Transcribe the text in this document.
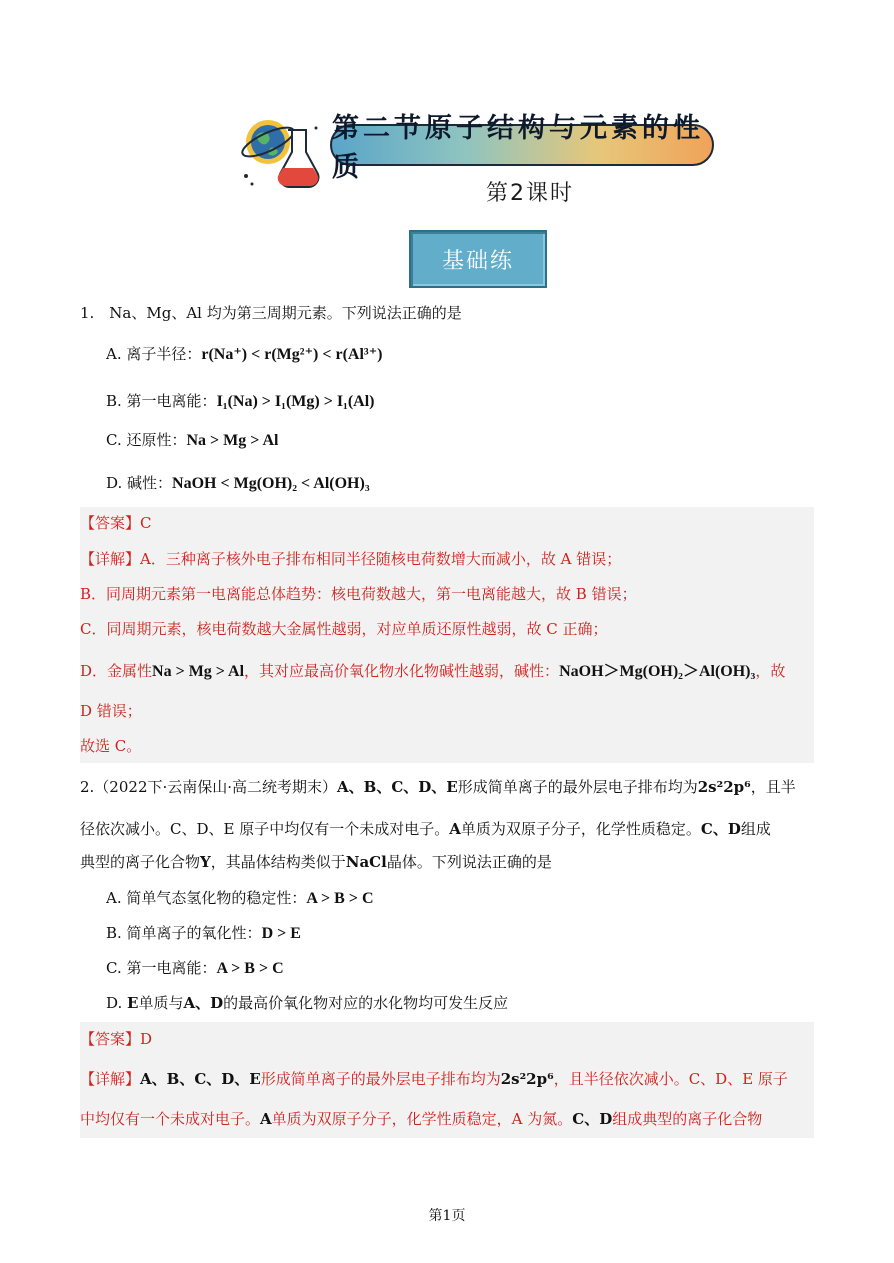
第二节原子结构与元素的性质
第2课时
基础练
1.　Na、Mg、Al 均为第三周期元素。下列说法正确的是
A. 离子半径：r(Na⁺) < r(Mg²⁺) < r(Al³⁺)
B. 第一电离能：I₁(Na) > I₁(Mg) > I₁(Al)
C. 还原性：Na > Mg > Al
D. 碱性：NaOH < Mg(OH)₂ < Al(OH)₃
【答案】C
【详解】A．三种离子核外电子排布相同半径随核电荷数增大而减小，故 A 错误；
B．同周期元素第一电离能总体趋势：核电荷数越大，第一电离能越大，故 B 错误；
C．同周期元素，核电荷数越大金属性越弱，对应单质还原性越弱，故 C 正确；
D．金属性Na > Mg > Al，其对应最高价氧化物水化物碱性越弱，碱性：NaOH＞Mg(OH)₂＞Al(OH)₃，故
D 错误；
故选 C。
2.（2022下·云南保山·高二统考期末）A、B、C、D、E形成简单离子的最外层电子排布均为2s²2p⁶，且半
径依次减小。C、D、E 原子中均仅有一个未成对电子。A单质为双原子分子，化学性质稳定。C、D组成
典型的离子化合物Y，其晶体结构类似于NaCl晶体。下列说法正确的是
A. 简单气态氢化物的稳定性：A > B > C
B. 简单离子的氧化性：D > E
C. 第一电离能：A > B > C
D. E单质与A、D的最高价氧化物对应的水化物均可发生反应
【答案】D
【详解】A、B、C、D、E形成简单离子的最外层电子排布均为2s²2p⁶，且半径依次减小。C、D、E 原子
中均仅有一个未成对电子。A单质为双原子分子，化学性质稳定，A 为氮。C、D组成典型的离子化合物
第1页
